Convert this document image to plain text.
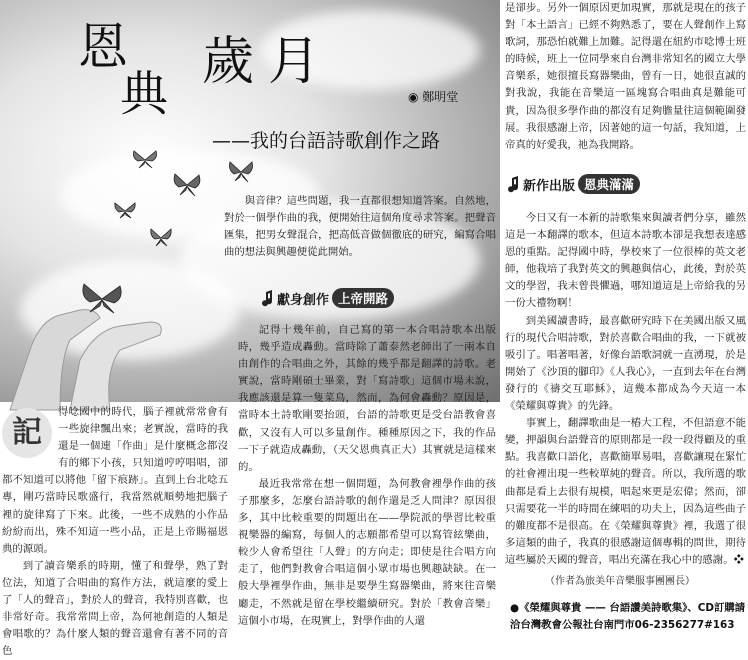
恩
典
歲 月
——我的台語詩歌創作之路
◉ 鄭明堂
記

得唸國中的時代，腦子裡就常常會有一些旋律飄出來；老實說，當時的我還是一個連「作曲」是什麼概念都沒有的鄉下小孩，只知道哼哼唱唱，卻都不知道可以將他「留下痕跡」。直到上台北唸五專，剛巧當時民歌盛行，我當然就順勢地把腦子裡的旋律寫了下來。此後，一些不成熟的小作品紛紛而出，殊不知這一些小品，正是上帝賜福恩典的源頭。

到了讀音樂系的時期，懂了和聲學，熟了對位法，知道了合唱曲的寫作方法，就這麼的愛上了「人的聲音」，對於人的聲音，我特別喜歡，也非常好奇。我常常問上帝，為何祂創造的人類是會唱歌的？為什麼人類的聲音還會有著不同的音色

與音律？這些問題，我一直都很想知道答案。自然地，對於一個學作曲的我，便開始往這個角度尋求答案。把聲音匯集，把男女聲混合，把高低音做個徹底的研究，編寫合唱曲的想法與興趣便從此開始。

獻身創作 上帝開路

記得十幾年前，自己寫的第一本合唱詩歌本出版時，幾乎造成轟動。當時除了蕭泰然老師出了一兩本自由創作的合唱曲之外，其餘的幾乎都是翻譯的詩歌。老實說，當時剛碩士畢業，對「寫詩歌」這個市場未說，我應該還是算一隻菜鳥，然而，為何會轟動？原因是，當時本土詩歌剛要抬頭，台語的詩歌更是受台語教會喜歡，又沒有人可以多量創作。種種原因之下，我的作品一下子就造成轟動，（天父恩典真正大）其實就是這樣來的。

最近我常常在想一個問題，為何教會裡學作曲的孩子那麼多，怎麼台語詩歌的創作還是乏人問津？原因很多，其中比較重要的問題出在——學院派的學習比較重視樂器的編寫，每個人的志願都希望可以寫管絃樂曲，較少人會希望往「人聲」的方向走；即使是往合唱方向走了，他們對教會合唱這個小眾市場也興趣缺缺。在一般大學裡學作曲，無非是要學生寫器樂曲，將來往音樂廳走，不然就是留在學校繼續研究。對於「教會音樂」這個小市場，在現實上，對學作曲的人還

是卻步。另外一個原因更加現實，那就是現在的孩子對「本土語言」已經不夠熟悉了，要在人聲創作上寫歌詞，那恐怕就難上加難。記得還在紐約市唸博士班的時候，班上一位同學來自台灣非常知名的國立大學音樂系，她很擅長寫器樂曲，曾有一日，她很直誠的對我說，我能在音樂這一區塊寫合唱曲真是難能可貴，因為很多學作曲的都沒有足夠膽量往這個範圍發展。我很感謝上帝，因著她的這一句話，我知道，上帝真的好愛我，祂為我開路。

新作出版 恩典滿滿

今日又有一本新的詩歌集來與讀者們分享，雖然這是一本翻譯的歌本，但這本詩歌本卻是我想表達感恩的重點。記得國中時，學校來了一位很棒的英文老師，他栽培了我對英文的興趣與信心，此後，對於英文的學習，我未曾畏懼過，哪知道這是上帝給我的另一份大禮物啊！

到美國讀書時，最喜歡研究時下在美國出版又風行的現代合唱詩歌，對於喜歡合唱曲的我，一下就被吸引了。唱著唱著，好像台語歌詞就一直湧現，於是開始了《沙頂的腳印》《人我心》，一直到去年在台灣發行的《禱交互耶穌》，這幾本都成為今天這一本《榮耀與尊貴》的先鋒。

事實上，翻譯歌曲是一樁大工程，不但語意不能變，押韻與台語聲音的原則都是一段一段得顧及的重點。我喜歡口語化，喜歡簡單易唱，喜歡讓現在緊忙的社會裡出現一些較單純的聲音。所以，我所選的歌曲都是看上去很有規模，唱起來更是宏偉；然而，卻只需要花一半的時間在練唱的功夫上，因為這些曲子的難度都不是很高。在《榮耀與尊貴》裡，我選了很多這類的曲子，我真的很感謝這個專輯的問世，期待這些屬於天國的聲音，唱出充滿在我心中的感謝。❖

（作者為旅美年音樂服事團團長）
●《榮耀與尊貴 —— 台語讚美詩歌集》、CD訂購請
洽台灣教會公報社台南門市06-2356277#163
